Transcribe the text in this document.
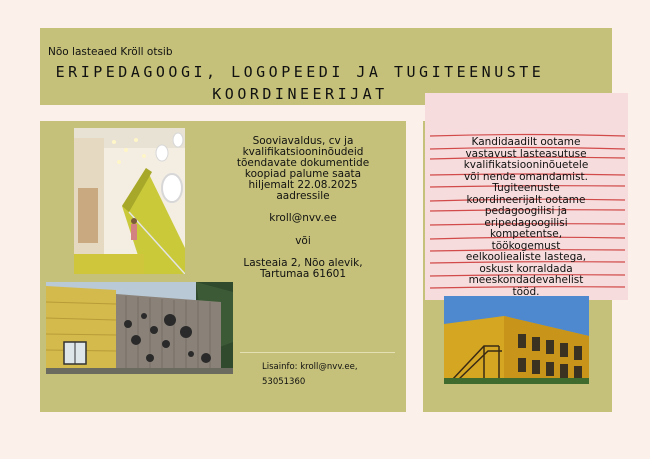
Nõo lasteaed Kröll otsib
ERIPEDAGOOGI, LOGOPEEDI JA TUGITEENUSTE
KOORDINEERIJAT
Sooviavaldus, cv ja
kvalifikatsiooninõudeid
tõendavate dokumentide
koopiad palume saata
hiljemalt 22.08.2025
aadressile
kroll@nvv.ee
või
Lasteaia 2, Nõo alevik,
Tartumaa 61601
Lisainfo: kroll@nvv.ee,
53051360
Kandidaadilt ootame
vastavust lasteasutuse
kvalifikatsiooninõuetele
või nende omandamist.
Tugiteenuste
koordineerijalt ootame
pedagoogilisi ja
eripedagoogilisi
kompetentse,
töökogemust
eelkooliealiste lastega,
oskust korraldada
meeskondadevahelist
tööd.
